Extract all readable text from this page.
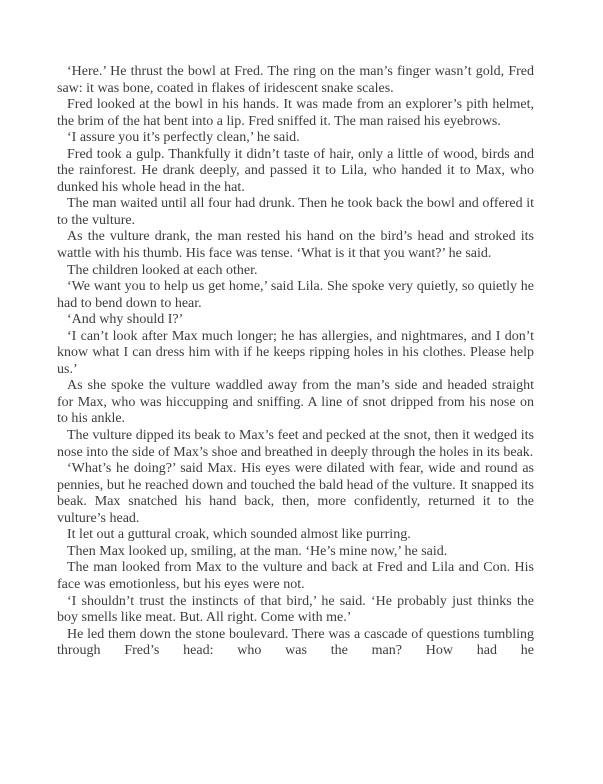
‘Here.’ He thrust the bowl at Fred. The ring on the man’s finger wasn’t gold, Fred saw: it was bone, coated in flakes of iridescent snake scales.

Fred looked at the bowl in his hands. It was made from an explorer’s pith helmet, the brim of the hat bent into a lip. Fred sniffed it. The man raised his eyebrows.

‘I assure you it’s perfectly clean,’ he said.

Fred took a gulp. Thankfully it didn’t taste of hair, only a little of wood, birds and the rainforest. He drank deeply, and passed it to Lila, who handed it to Max, who dunked his whole head in the hat.

The man waited until all four had drunk. Then he took back the bowl and offered it to the vulture.

As the vulture drank, the man rested his hand on the bird’s head and stroked its wattle with his thumb. His face was tense. ‘What is it that you want?’ he said.

The children looked at each other.

‘We want you to help us get home,’ said Lila. She spoke very quietly, so quietly he had to bend down to hear.

‘And why should I?’

‘I can’t look after Max much longer; he has allergies, and nightmares, and I don’t know what I can dress him with if he keeps ripping holes in his clothes. Please help us.’

As she spoke the vulture waddled away from the man’s side and headed straight for Max, who was hiccupping and sniffing. A line of snot dripped from his nose on to his ankle.

The vulture dipped its beak to Max’s feet and pecked at the snot, then it wedged its nose into the side of Max’s shoe and breathed in deeply through the holes in its beak.

‘What’s he doing?’ said Max. His eyes were dilated with fear, wide and round as pennies, but he reached down and touched the bald head of the vulture. It snapped its beak. Max snatched his hand back, then, more confidently, returned it to the vulture’s head.

It let out a guttural croak, which sounded almost like purring.

Then Max looked up, smiling, at the man. ‘He’s mine now,’ he said.

The man looked from Max to the vulture and back at Fred and Lila and Con. His face was emotionless, but his eyes were not.

‘I shouldn’t trust the instincts of that bird,’ he said. ‘He probably just thinks the boy smells like meat. But. All right. Come with me.’

He led them down the stone boulevard. There was a cascade of questions tumbling through Fred’s head: who was the man? How had he
